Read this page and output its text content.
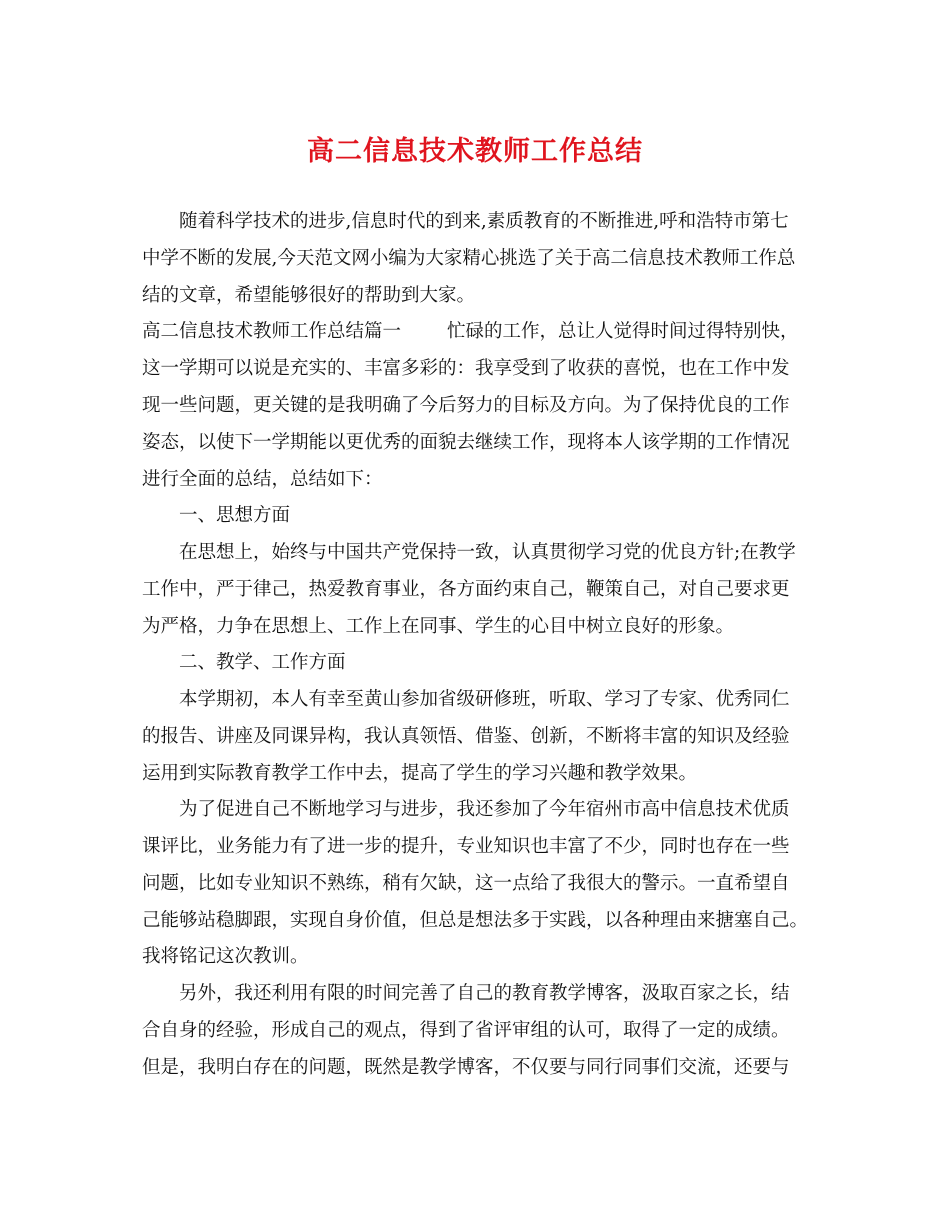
高二信息技术教师工作总结
随着科学技术的进步,信息时代的到来,素质教育的不断推进,呼和浩特市第七
中学不断的发展,今天范文网小编为大家精心挑选了关于高二信息技术教师工作总
结的文章，希望能够很好的帮助到大家。
高二信息技术教师工作总结篇一 忙碌的工作，总让人觉得时间过得特别快，
这一学期可以说是充实的、丰富多彩的：我享受到了收获的喜悦，也在工作中发
现一些问题，更关键的是我明确了今后努力的目标及方向。为了保持优良的工作
姿态，以使下一学期能以更优秀的面貌去继续工作，现将本人该学期的工作情况
进行全面的总结，总结如下：
一、思想方面
在思想上，始终与中国共产党保持一致，认真贯彻学习党的优良方针;在教学
工作中，严于律己，热爱教育事业，各方面约束自己，鞭策自己，对自己要求更
为严格，力争在思想上、工作上在同事、学生的心目中树立良好的形象。
二、教学、工作方面
本学期初，本人有幸至黄山参加省级研修班，听取、学习了专家、优秀同仁
的报告、讲座及同课异构，我认真领悟、借鉴、创新，不断将丰富的知识及经验
运用到实际教育教学工作中去，提高了学生的学习兴趣和教学效果。
为了促进自己不断地学习与进步，我还参加了今年宿州市高中信息技术优质
课评比，业务能力有了进一步的提升，专业知识也丰富了不少，同时也存在一些
问题，比如专业知识不熟练，稍有欠缺，这一点给了我很大的警示。一直希望自
己能够站稳脚跟，实现自身价值，但总是想法多于实践，以各种理由来搪塞自己。
我将铭记这次教训。
另外，我还利用有限的时间完善了自己的教育教学博客，汲取百家之长，结
合自身的经验，形成自己的观点，得到了省评审组的认可，取得了一定的成绩。
但是，我明白存在的问题，既然是教学博客，不仅要与同行同事们交流，还要与
